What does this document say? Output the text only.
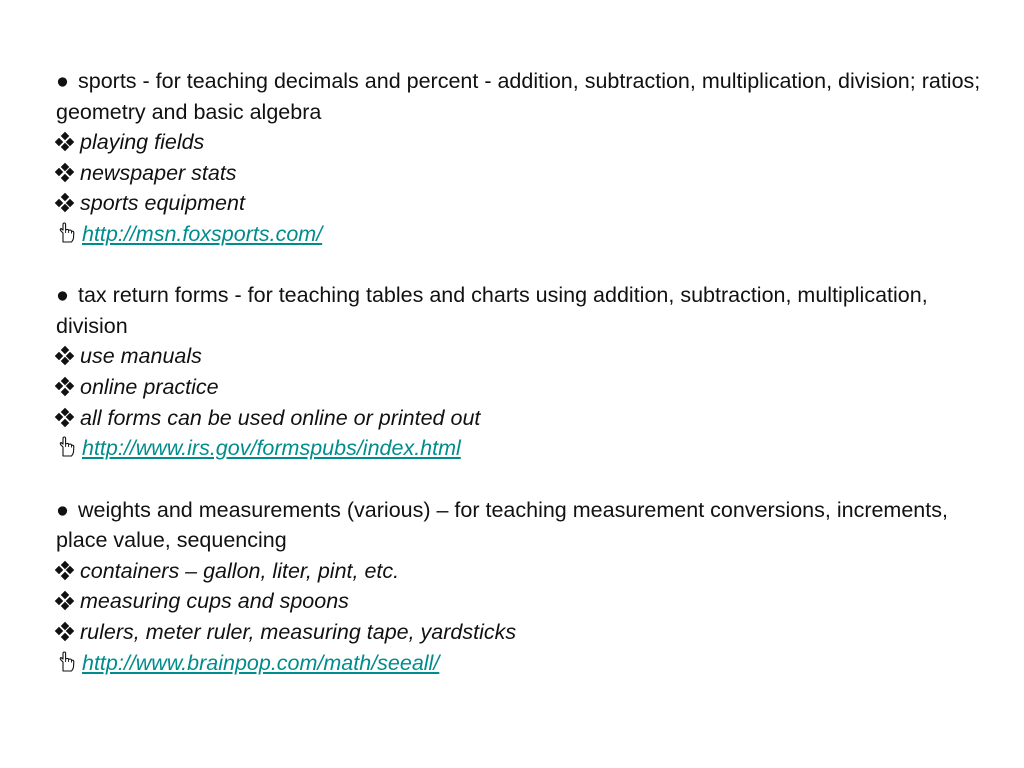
● sports - for teaching decimals and percent - addition, subtraction, multiplication, division; ratios; geometry and basic algebra

playing fields

newspaper stats

sports equipment

http://msn.foxsports.com/

● tax return forms - for teaching tables and charts using addition, subtraction, multiplication, division

use manuals

online practice

all forms can be used online or printed out

http://www.irs.gov/formspubs/index.html

● weights and measurements (various) – for teaching measurement conversions, increments, place value, sequencing

containers – gallon, liter, pint, etc.

measuring cups and spoons

rulers, meter ruler, measuring tape, yardsticks

http://www.brainpop.com/math/seeall/
